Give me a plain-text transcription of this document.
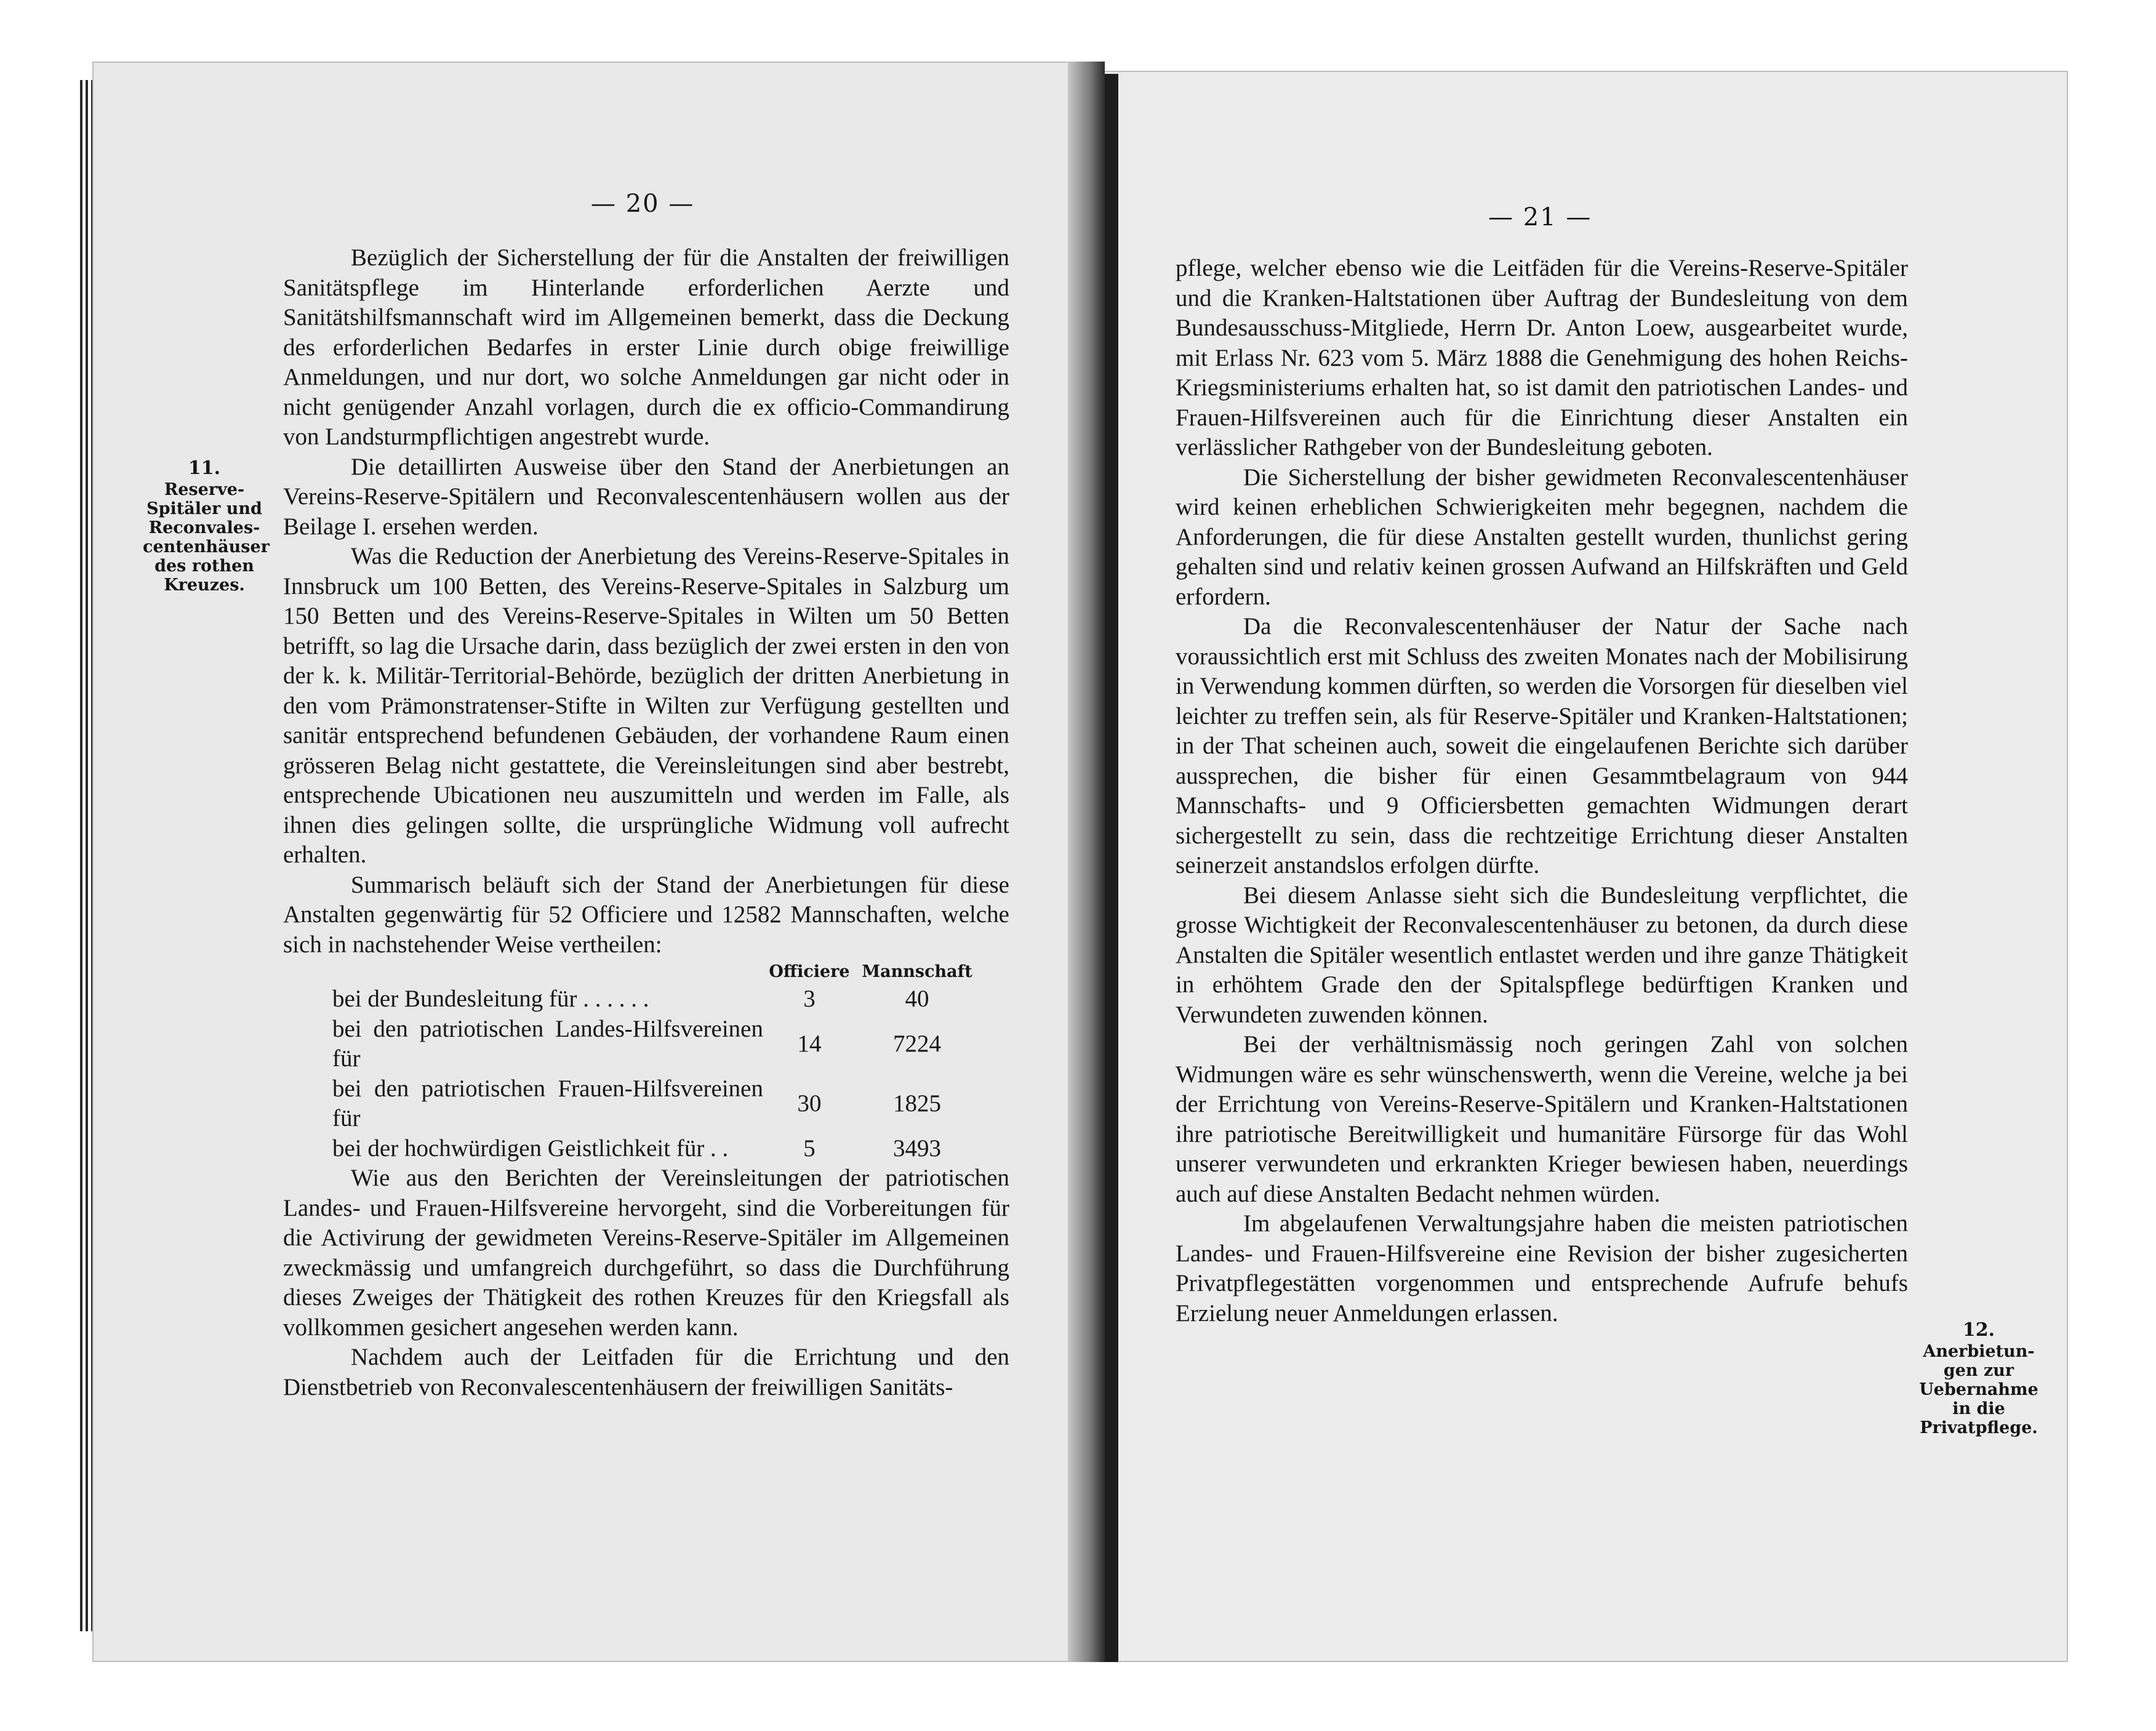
— 20 —
11.
Reserve-
Spitäler und
Reconvales-
centenhäuser
des rothen
Kreuzes.

Bezüglich der Sicherstellung der für die Anstalten der freiwilligen Sanitätspflege im Hinterlande erforderlichen Aerzte und Sanitätshilfsmannschaft wird im Allgemeinen bemerkt, dass die Deckung des erforderlichen Bedarfes in erster Linie durch obige freiwillige Anmeldungen, und nur dort, wo solche Anmeldungen gar nicht oder in nicht genügender Anzahl vorlagen, durch die ex officio-Commandirung von Landsturmpflichtigen angestrebt wurde.

Die detaillirten Ausweise über den Stand der Anerbietungen an Vereins-Reserve-Spitälern und Reconvalescentenhäusern wollen aus der Beilage I. ersehen werden.

Was die Reduction der Anerbietung des Vereins-Reserve-Spitales in Innsbruck um 100 Betten, des Vereins-Reserve-Spitales in Salzburg um 150 Betten und des Vereins-Reserve-Spitales in Wilten um 50 Betten betrifft, so lag die Ursache darin, dass bezüglich der zwei ersten in den von der k. k. Militär-Territorial-Behörde, bezüglich der dritten Anerbietung in den vom Prämonstratenser-Stifte in Wilten zur Verfügung gestellten und sanitär entsprechend befundenen Gebäuden, der vorhandene Raum einen grösseren Belag nicht gestattete, die Vereinsleitungen sind aber bestrebt, entsprechende Ubicationen neu auszumitteln und werden im Falle, als ihnen dies gelingen sollte, die ursprüngliche Widmung voll aufrecht erhalten.

Summarisch beläuft sich der Stand der Anerbietungen für diese Anstalten gegenwärtig für 52 Officiere und 12582 Mannschaften, welche sich in nachstehender Weise vertheilen:

	Officiere	Mannschaft
bei der Bundesleitung für . . . . . .	3	40
bei den patriotischen Landes-Hilfsvereinen für	14	7224
bei den patriotischen Frauen-Hilfsvereinen für	30	1825
bei der hochwürdigen Geistlichkeit für . .	5	3493

Wie aus den Berichten der Vereinsleitungen der patriotischen Landes- und Frauen-Hilfsvereine hervorgeht, sind die Vorbereitungen für die Activirung der gewidmeten Vereins-Reserve-Spitäler im Allgemeinen zweckmässig und umfangreich durchgeführt, so dass die Durchführung dieses Zweiges der Thätigkeit des rothen Kreuzes für den Kriegsfall als vollkommen gesichert angesehen werden kann.

Nachdem auch der Leitfaden für die Errichtung und den Dienstbetrieb von Reconvalescentenhäusern der freiwilligen Sanitäts-

— 21 —

pflege, welcher ebenso wie die Leitfäden für die Vereins-Reserve-Spitäler und die Kranken-Haltstationen über Auftrag der Bundesleitung von dem Bundesausschuss-Mitgliede, Herrn Dr. Anton Loew, ausgearbeitet wurde, mit Erlass Nr. 623 vom 5. März 1888 die Genehmigung des hohen Reichs-Kriegsministeriums erhalten hat, so ist damit den patriotischen Landes- und Frauen-Hilfsvereinen auch für die Einrichtung dieser Anstalten ein verlässlicher Rathgeber von der Bundesleitung geboten.

Die Sicherstellung der bisher gewidmeten Reconvalescentenhäuser wird keinen erheblichen Schwierigkeiten mehr begegnen, nachdem die Anforderungen, die für diese Anstalten gestellt wurden, thunlichst gering gehalten sind und relativ keinen grossen Aufwand an Hilfskräften und Geld erfordern.

Da die Reconvalescentenhäuser der Natur der Sache nach voraussichtlich erst mit Schluss des zweiten Monates nach der Mobilisirung in Verwendung kommen dürften, so werden die Vorsorgen für dieselben viel leichter zu treffen sein, als für Reserve-Spitäler und Kranken-Haltstationen; in der That scheinen auch, soweit die eingelaufenen Berichte sich darüber aussprechen, die bisher für einen Gesammtbelagraum von 944 Mannschafts- und 9 Officiersbetten gemachten Widmungen derart sichergestellt zu sein, dass die rechtzeitige Errichtung dieser Anstalten seinerzeit anstandslos erfolgen dürfte.

Bei diesem Anlasse sieht sich die Bundesleitung verpflichtet, die grosse Wichtigkeit der Reconvalescentenhäuser zu betonen, da durch diese Anstalten die Spitäler wesentlich entlastet werden und ihre ganze Thätigkeit in erhöhtem Grade den der Spitalspflege bedürftigen Kranken und Verwundeten zuwenden können.

Bei der verhältnismässig noch geringen Zahl von solchen Widmungen wäre es sehr wünschenswerth, wenn die Vereine, welche ja bei der Errichtung von Vereins-Reserve-Spitälern und Kranken-Haltstationen ihre patriotische Bereitwilligkeit und humanitäre Fürsorge für das Wohl unserer verwundeten und erkrankten Krieger bewiesen haben, neuerdings auch auf diese Anstalten Bedacht nehmen würden.

Im abgelaufenen Verwaltungsjahre haben die meisten patriotischen Landes- und Frauen-Hilfsvereine eine Revision der bisher zugesicherten Privatpflegestätten vorgenommen und entsprechende Aufrufe behufs Erzielung neuer Anmeldungen erlassen.

12.
Anerbietun-
gen zur
Uebernahme
in die
Privatpflege.
